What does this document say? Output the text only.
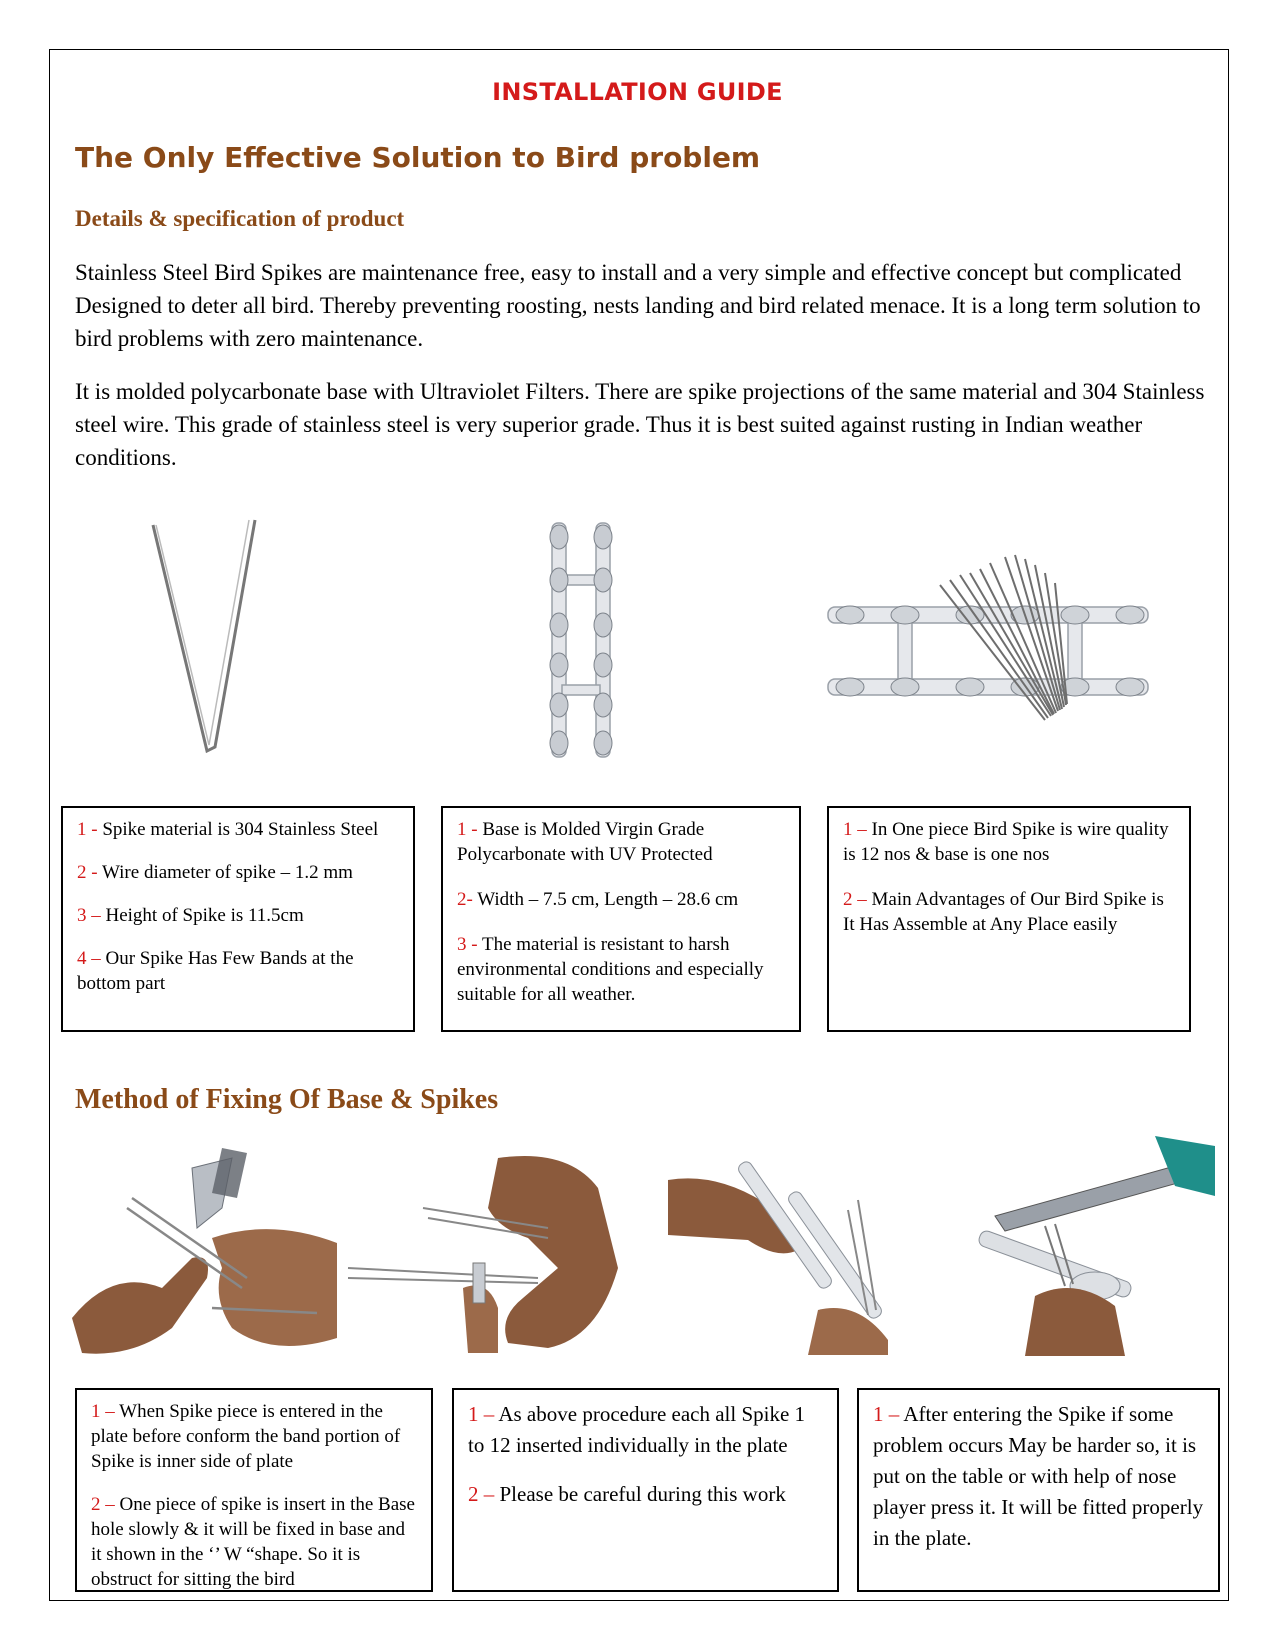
INSTALLATION GUIDE
The Only Effective Solution to Bird problem
Details & specification of product
Stainless Steel Bird Spikes are maintenance free, easy to install and a very simple and effective concept but complicated Designed to deter all bird. Thereby preventing roosting, nests landing and bird related menace. It is a long term solution to bird problems with zero maintenance.
It is molded polycarbonate base with Ultraviolet Filters. There are spike projections of the same material and 304 Stainless steel wire. This grade of stainless steel is very superior grade. Thus it is best suited against rusting in Indian weather conditions.

1 - Spike material is 304 Stainless Steel

2 - Wire diameter of spike – 1.2 mm

3 – Height of Spike is 11.5cm

4 – Our Spike Has Few Bands at the bottom part

1 - Base is Molded Virgin Grade Polycarbonate with UV Protected

2- Width – 7.5 cm, Length – 28.6 cm

3 - The material is resistant to harsh environmental conditions and especially suitable for all weather.

1 – In One piece Bird Spike is wire quality is 12 nos & base is one nos

2 – Main Advantages of Our Bird Spike is It Has Assemble at Any Place easily

Method of Fixing Of Base & Spikes

1 – When Spike piece is entered in the plate before conform the band portion of Spike is inner side of plate

2 – One piece of spike is insert in the Base hole slowly & it will be fixed in base and it shown in the ‘’ W “shape. So it is obstruct for sitting the bird

1 – As above procedure each all Spike 1 to 12 inserted individually in the plate

2 – Please be careful during this work

1 – After entering the Spike if some problem occurs May be harder so, it is put on the table or with help of nose player press it. It will be fitted properly in the plate.
